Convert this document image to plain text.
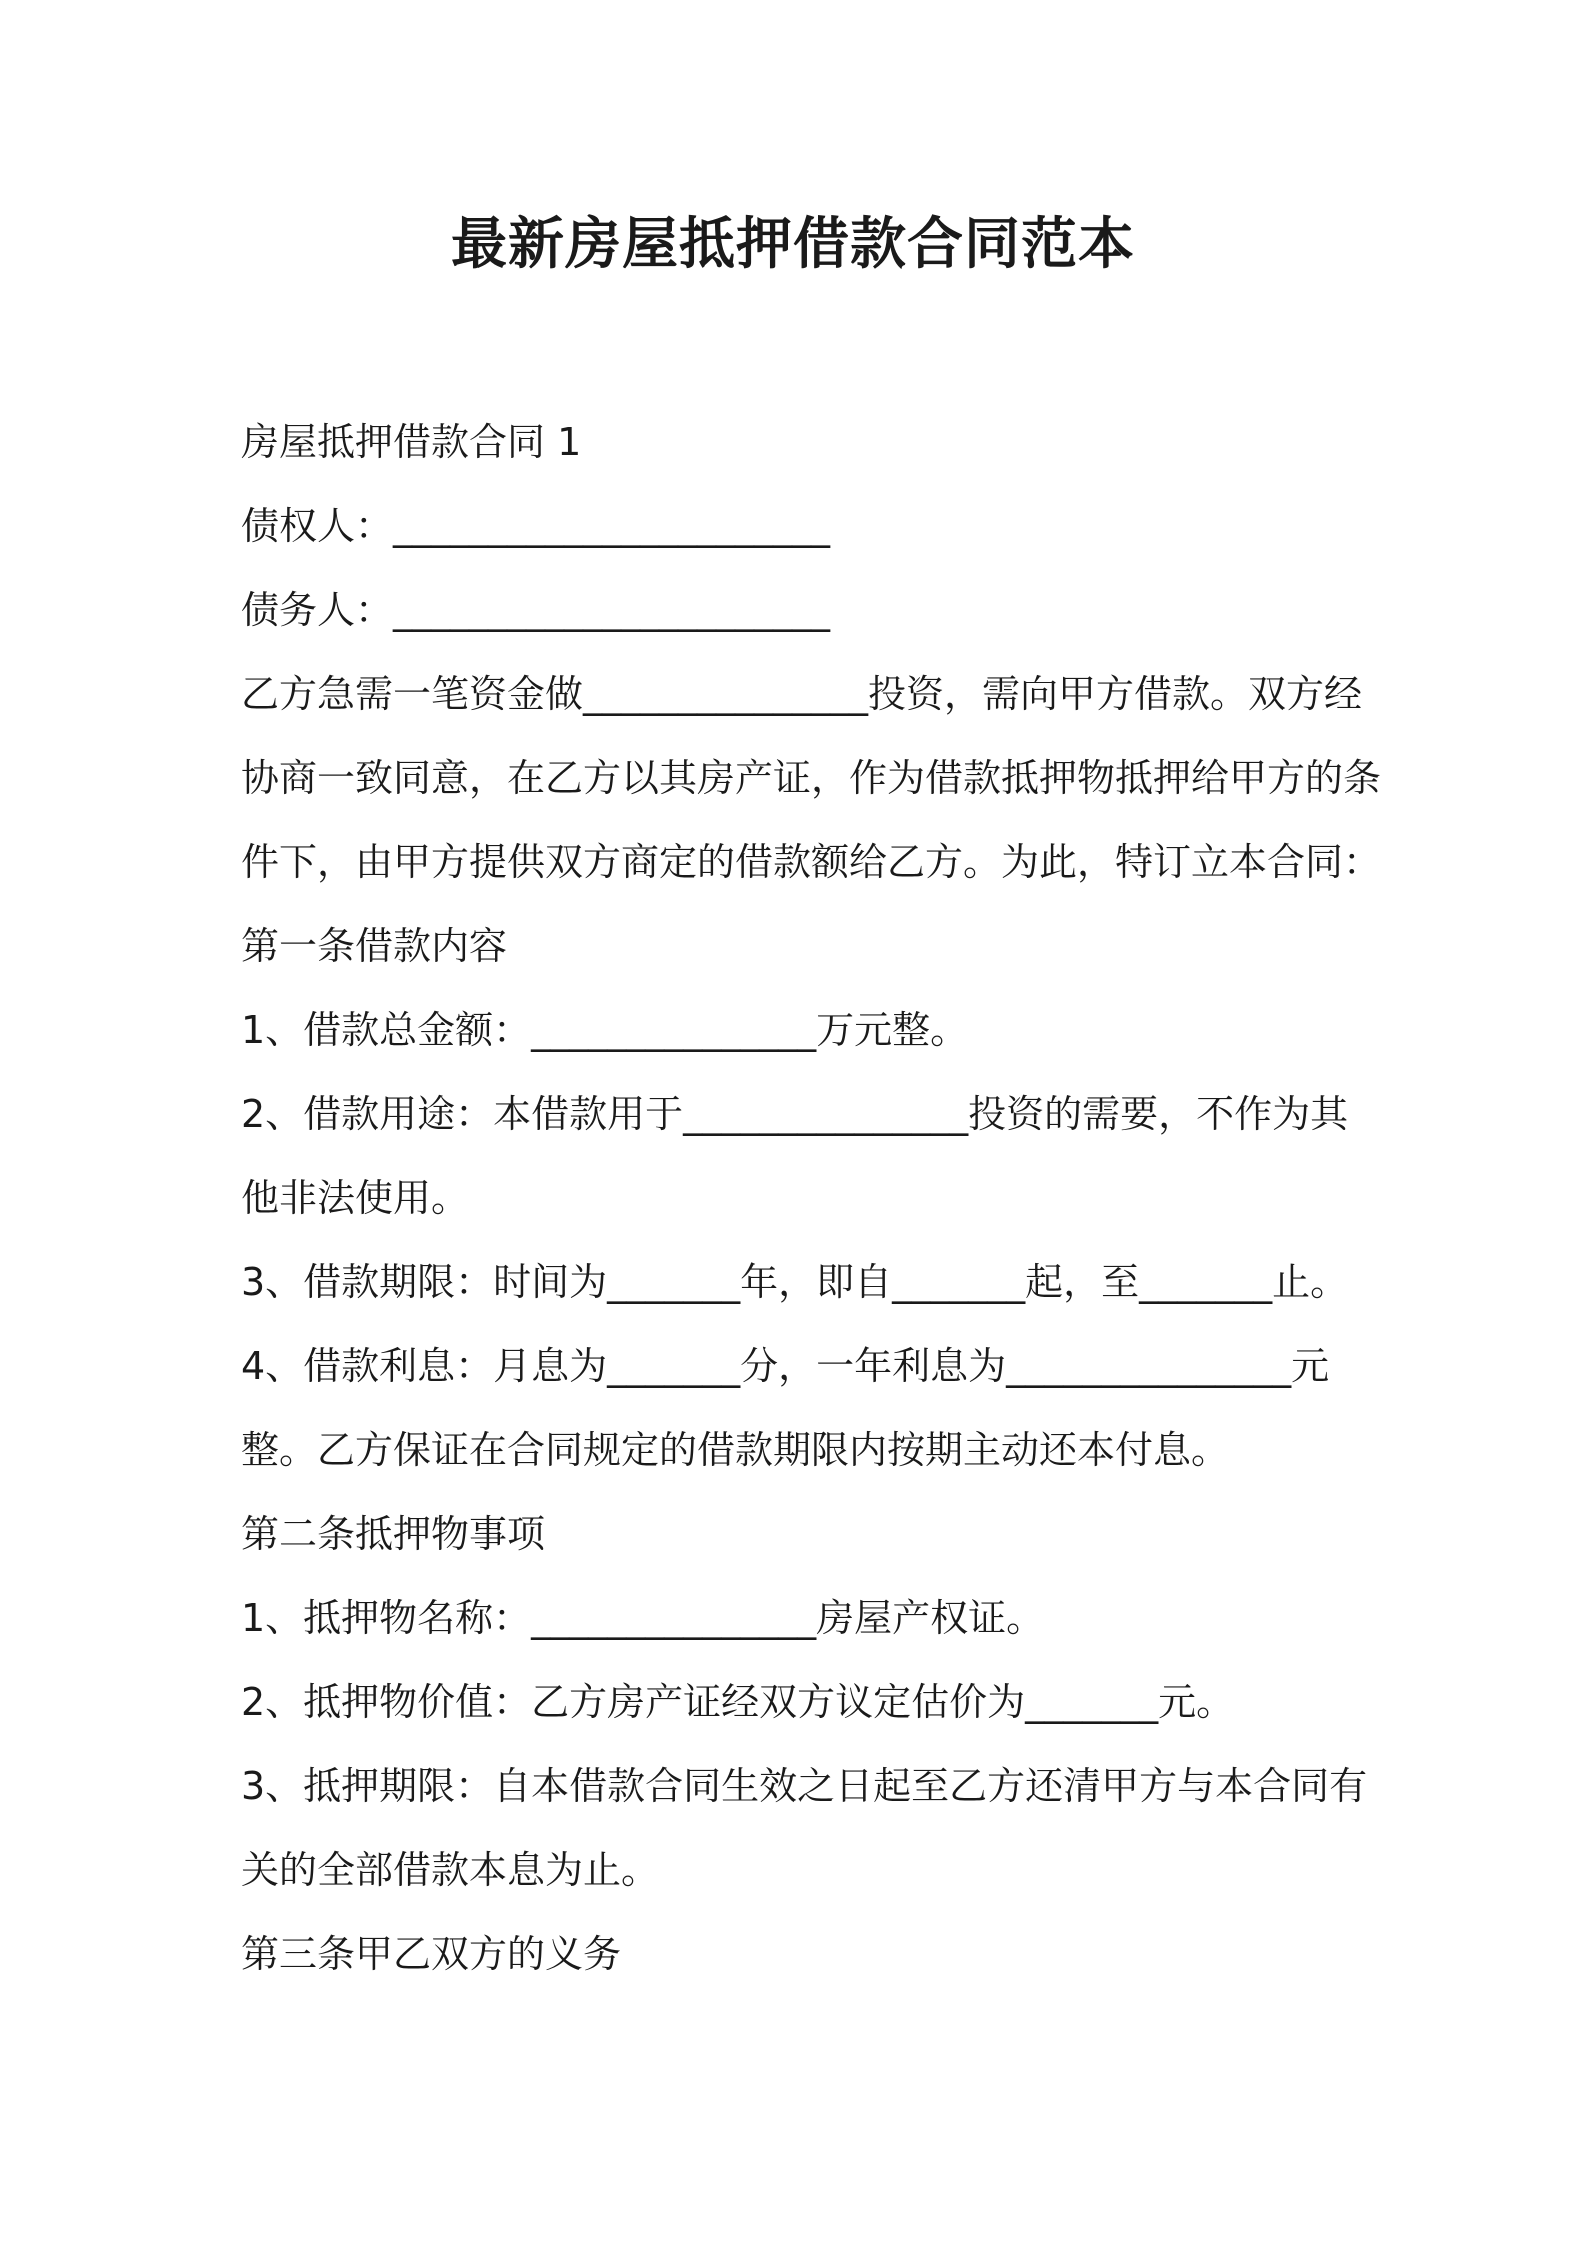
最新房屋抵押借款合同范本
房屋抵押借款合同 1
债权人：_______________________
债务人：_______________________
乙方急需一笔资金做_______________投资，需向甲方借款。双方经
协商一致同意，在乙方以其房产证，作为借款抵押物抵押给甲方的条
件下，由甲方提供双方商定的借款额给乙方。为此，特订立本合同：
第一条借款内容
1、借款总金额：_______________万元整。
2、借款用途：本借款用于_______________投资的需要，不作为其
他非法使用。
3、借款期限：时间为_______年，即自_______起，至_______止。
4、借款利息：月息为_______分，一年利息为_______________元
整。乙方保证在合同规定的借款期限内按期主动还本付息。
第二条抵押物事项
1、抵押物名称：_______________房屋产权证。
2、抵押物价值：乙方房产证经双方议定估价为_______元。
3、抵押期限：自本借款合同生效之日起至乙方还清甲方与本合同有
关的全部借款本息为止。
第三条甲乙双方的义务
